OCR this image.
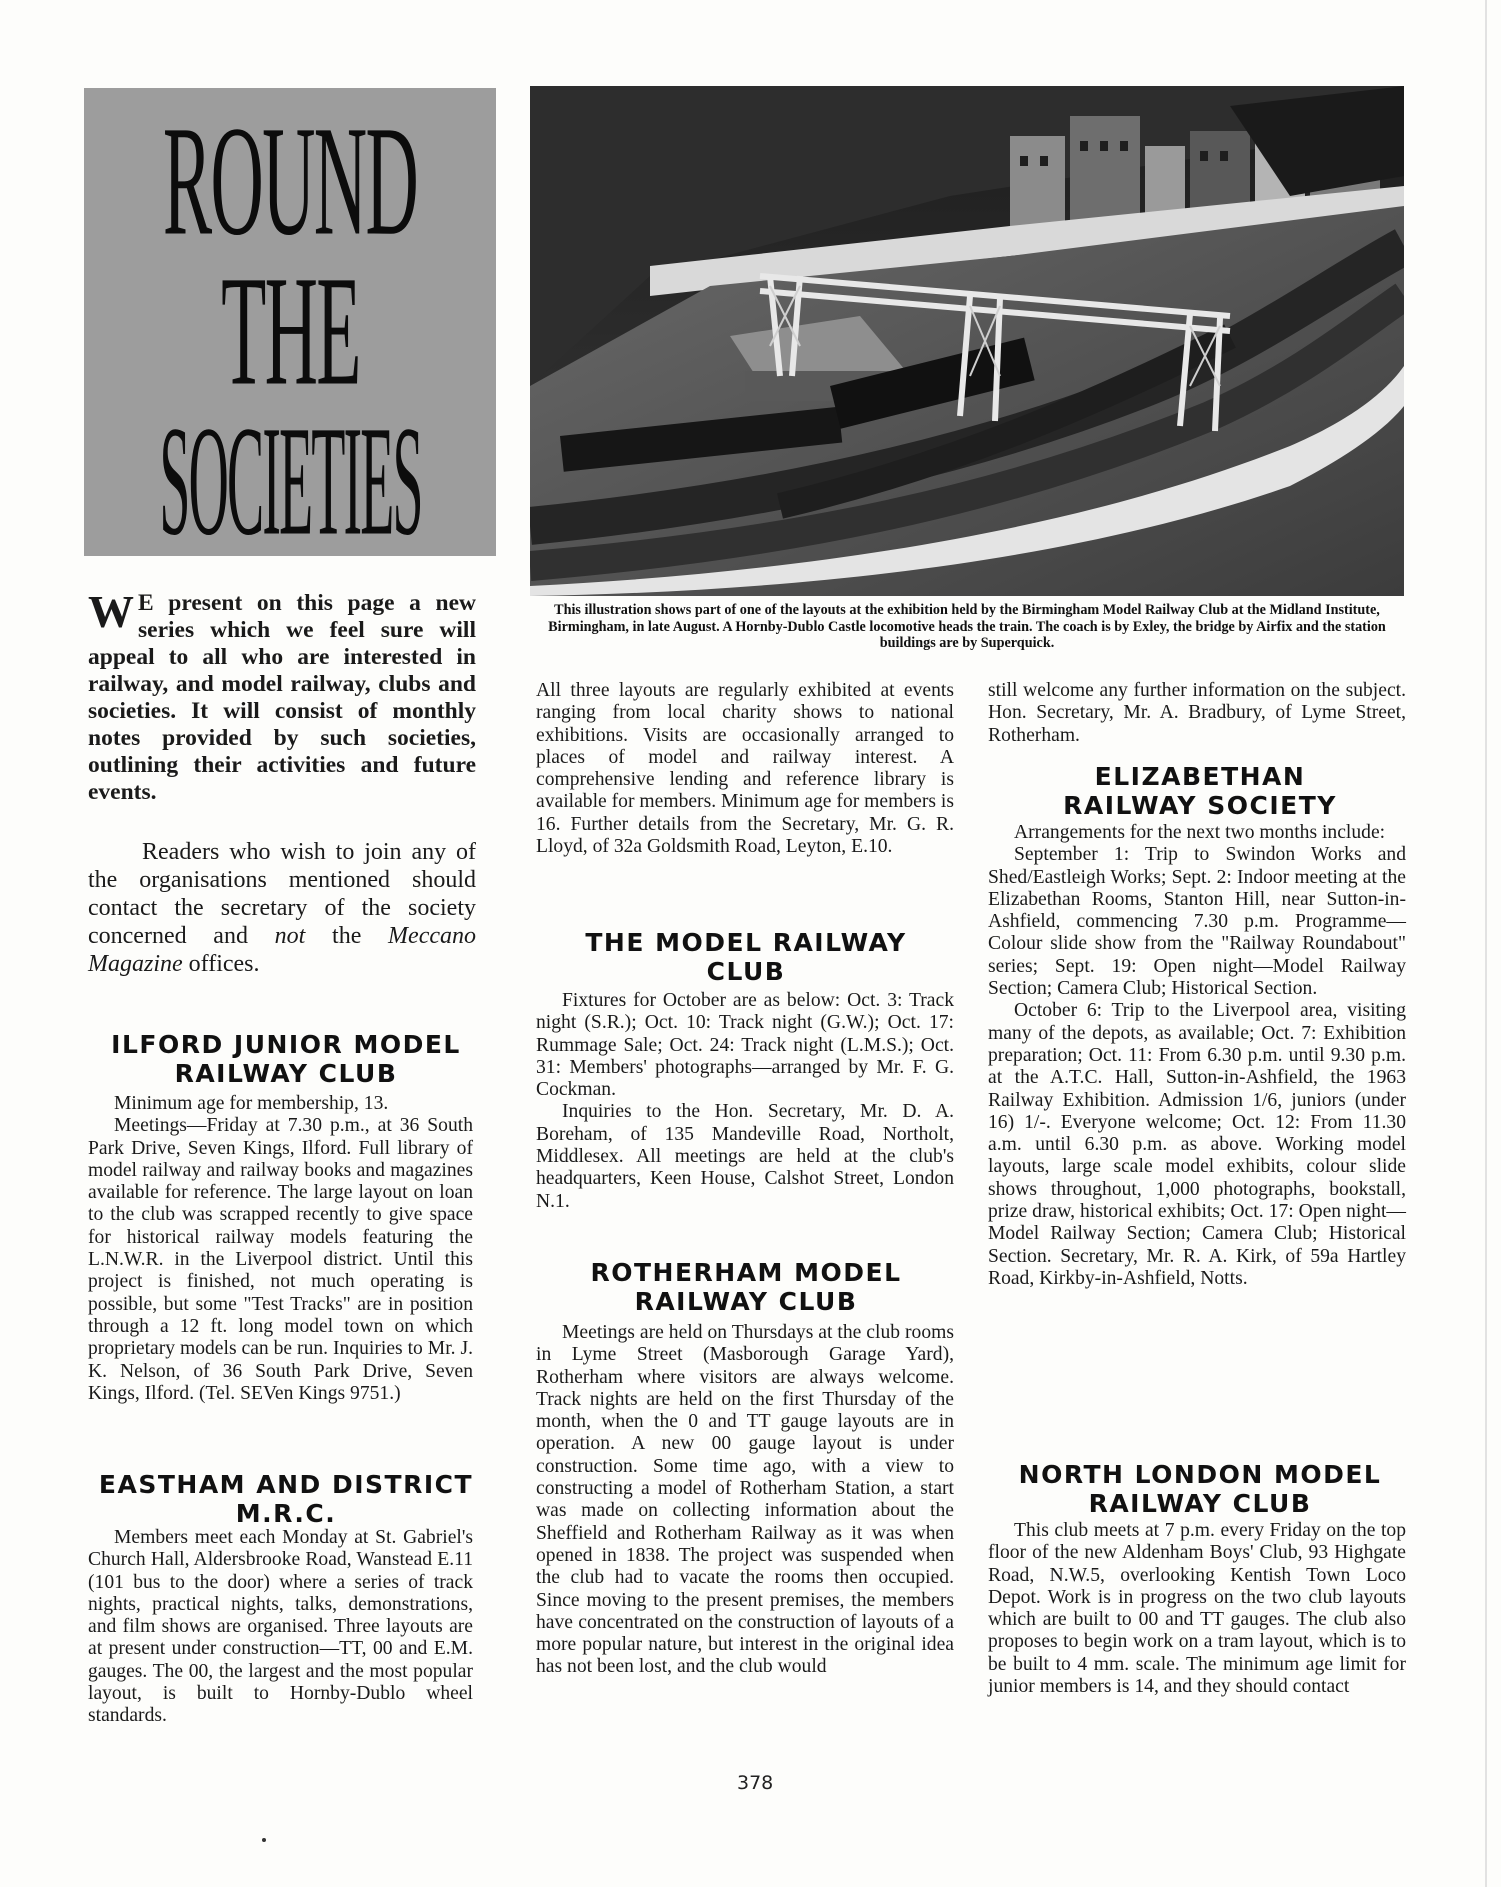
ROUND
THE
SOCIETIES
This illustration shows part of one of the layouts at the exhibition held by the Birmingham Model Railway Club at the Midland Institute, Birmingham, in late August. A Hornby-Dublo Castle locomotive heads the train. The coach is by Exley, the bridge by Airfix and the station buildings are by Superquick.
W E present on this page a new series which we feel sure will appeal to all who are interested in railway, and model railway, clubs and societies. It will consist of monthly notes provided by such societies, outlining their activities and future events.
Readers who wish to join any of the organisations mentioned should contact the secretary of the society concerned and not the Meccano Magazine offices.
ILFORD JUNIOR MODEL RAILWAY CLUB

Minimum age for membership, 13.

Meetings—Friday at 7.30 p.m., at 36 South Park Drive, Seven Kings, Ilford. Full library of model railway and railway books and magazines available for reference. The large layout on loan to the club was scrapped recently to give space for historical railway models featuring the L.N.W.R. in the Liverpool district. Until this project is finished, not much operating is possible, but some "Test Tracks" are in position through a 12 ft. long model town on which proprietary models can be run. Inquiries to Mr. J. K. Nelson, of 36 South Park Drive, Seven Kings, Ilford. (Tel. SEVen Kings 9751.)

EASTHAM AND DISTRICT M.R.C.

Members meet each Monday at St. Gabriel's Church Hall, Aldersbrooke Road, Wanstead E.11 (101 bus to the door) where a series of track nights, practical nights, talks, demonstrations, and film shows are organised. Three layouts are at present under construction—TT, 00 and E.M. gauges. The 00, the largest and the most popular layout, is built to Hornby-Dublo wheel standards.

All three layouts are regularly exhibited at events ranging from local charity shows to national exhibitions. Visits are occasionally arranged to places of model and railway interest. A comprehensive lending and reference library is available for members. Minimum age for members is 16. Further details from the Secretary, Mr. G. R. Lloyd, of 32a Goldsmith Road, Leyton, E.10.

THE MODEL RAILWAY CLUB

Fixtures for October are as below: Oct. 3: Track night (S.R.); Oct. 10: Track night (G.W.); Oct. 17: Rummage Sale; Oct. 24: Track night (L.M.S.); Oct. 31: Members' photographs—arranged by Mr. F. G. Cockman.

Inquiries to the Hon. Secretary, Mr. D. A. Boreham, of 135 Mandeville Road, Northolt, Middlesex. All meetings are held at the club's headquarters, Keen House, Calshot Street, London N.1.

ROTHERHAM MODEL RAILWAY CLUB

Meetings are held on Thursdays at the club rooms in Lyme Street (Masborough Garage Yard), Rotherham where visitors are always welcome. Track nights are held on the first Thursday of the month, when the 0 and TT gauge layouts are in operation. A new 00 gauge layout is under construction. Some time ago, with a view to constructing a model of Rotherham Station, a start was made on collecting information about the Sheffield and Rotherham Railway as it was when opened in 1838. The project was suspended when the club had to vacate the rooms then occupied. Since moving to the present premises, the members have concentrated on the construction of layouts of a more popular nature, but interest in the original idea has not been lost, and the club would

still welcome any further information on the subject. Hon. Secretary, Mr. A. Bradbury, of Lyme Street, Rotherham.

ELIZABETHAN RAILWAY SOCIETY

Arrangements for the next two months include:

September 1: Trip to Swindon Works and Shed/Eastleigh Works; Sept. 2: Indoor meeting at the Elizabethan Rooms, Stanton Hill, near Sutton-in-Ashfield, commencing 7.30 p.m. Programme—Colour slide show from the "Railway Roundabout" series; Sept. 19: Open night—Model Railway Section; Camera Club; Historical Section.

October 6: Trip to the Liverpool area, visiting many of the depots, as available; Oct. 7: Exhibition preparation; Oct. 11: From 6.30 p.m. until 9.30 p.m. at the A.T.C. Hall, Sutton-in-Ashfield, the 1963 Railway Exhibition. Admission 1/6, juniors (under 16) 1/-. Everyone welcome; Oct. 12: From 11.30 a.m. until 6.30 p.m. as above. Working model layouts, large scale model exhibits, colour slide shows throughout, 1,000 photographs, bookstall, prize draw, historical exhibits; Oct. 17: Open night—Model Railway Section; Camera Club; Historical Section. Secretary, Mr. R. A. Kirk, of 59a Hartley Road, Kirkby-in-Ashfield, Notts.

NORTH LONDON MODEL RAILWAY CLUB

This club meets at 7 p.m. every Friday on the top floor of the new Aldenham Boys' Club, 93 Highgate Road, N.W.5, overlooking Kentish Town Loco Depot. Work is in progress on the two club layouts which are built to 00 and TT gauges. The club also proposes to begin work on a tram layout, which is to be built to 4 mm. scale. The minimum age limit for junior members is 14, and they should contact

378
